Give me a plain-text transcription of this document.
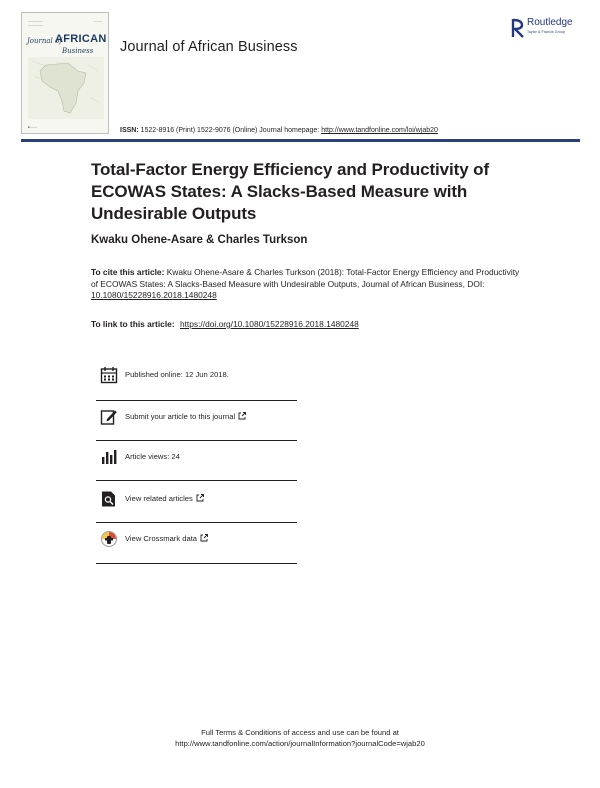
───────
───────
────
Journal of
AFRICAN
Business
■ ───
Journal of African Business
Routledge
Taylor & Francis Group
ISSN: 1522-8916 (Print) 1522-9076 (Online) Journal homepage: http://www.tandfonline.com/loi/wjab20
Total-Factor Energy Efficiency and Productivity of ECOWAS States: A Slacks-Based Measure with Undesirable Outputs
Kwaku Ohene-Asare & Charles Turkson
To cite this article: Kwaku Ohene-Asare & Charles Turkson (2018): Total-Factor Energy Efficiency and Productivity of ECOWAS States: A Slacks-Based Measure with Undesirable Outputs, Journal of African Business, DOI: 10.1080/15228916.2018.1480248
To link to this article: https://doi.org/10.1080/15228916.2018.1480248
Published online: 12 Jun 2018.
Submit your article to this journal
Article views: 24
View related articles
View Crossmark data
Full Terms & Conditions of access and use can be found at
http://www.tandfonline.com/action/journalInformation?journalCode=wjab20
